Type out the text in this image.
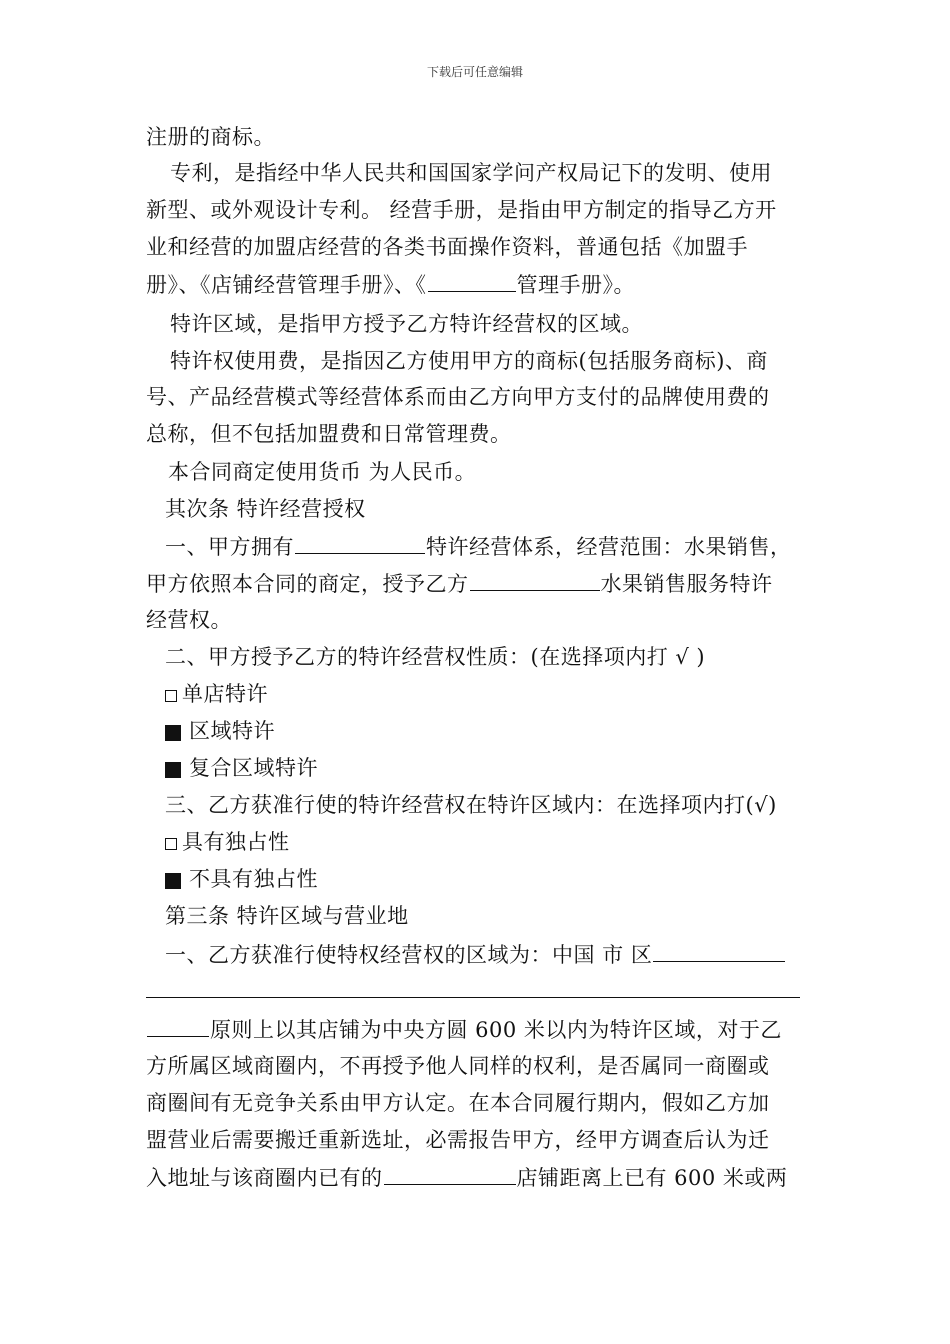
下载后可任意编辑
注册的商标。
专利，是指经中华人民共和国国家学问产权局记下的发明、使用
新型、或外观设计专利。 经营手册，是指由甲方制定的指导乙方开
业和经营的加盟店经营的各类书面操作资料，普通包括《加盟手
册》、《店铺经营管理手册》、《	管理手册》。
特许区域，是指甲方授予乙方特许经营权的区域。
特许权使用费，是指因乙方使用甲方的商标(包括服务商标)、商
号、产品经营模式等经营体系而由乙方向甲方支付的品牌使用费的
总称，但不包括加盟费和日常管理费。
本合同商定使用货币 为人民币。
其次条 特许经营授权
一、甲方拥有	特许经营体系，经营范围：水果销售，
甲方依照本合同的商定，授予乙方	水果销售服务特许
经营权。
二、甲方授予乙方的特许经营权性质：(在选择项内打 √ )
单店特许
区域特许
复合区域特许
三、乙方获准行使的特许经营权在特许区域内：在选择项内打(√)
具有独占性
不具有独占性
第三条 特许区域与营业地
一、乙方获准行使特权经营权的区域为：中国 市 区
原则上以其店铺为中央方圆 600 米以内为特许区域，对于乙
方所属区域商圈内，不再授予他人同样的权利，是否属同一商圈或
商圈间有无竞争关系由甲方认定。在本合同履行期内，假如乙方加
盟营业后需要搬迁重新选址，必需报告甲方，经甲方调查后认为迁
入地址与该商圈内已有的	店铺距离上已有 600 米或两
